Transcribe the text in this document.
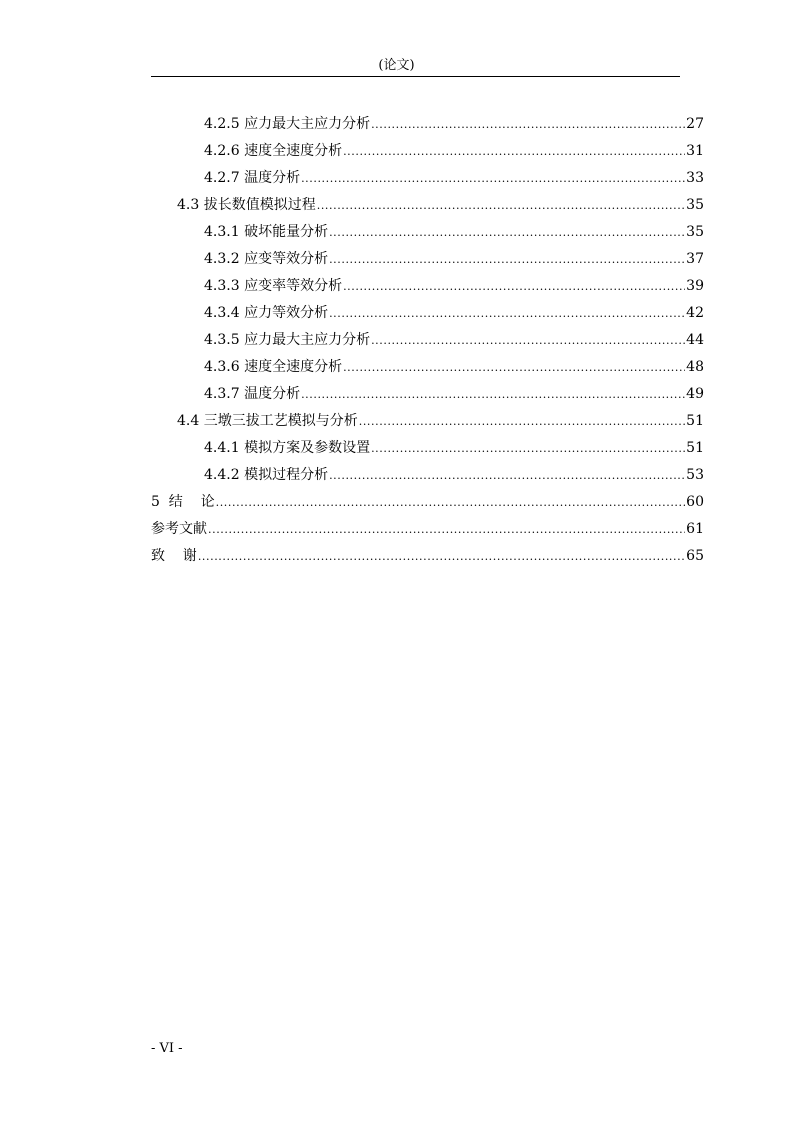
(论文)
4.2.5 应力最大主应力分析 .....	27
4.2.6 速度全速度分析 .....	31
4.2.7 温度分析 .....	33
4.3 拔长数值模拟过程 .....	35
4.3.1 破坏能量分析 .....	35
4.3.2 应变等效分析 .....	37
4.3.3 应变率等效分析 .....	39
4.3.4 应力等效分析 .....	42
4.3.5 应力最大主应力分析 .....	44
4.3.6 速度全速度分析 .....	48
4.3.7 温度分析 .....	49
4.4 三墩三拔工艺模拟与分析 .....	51
4.4.1 模拟方案及参数设置 .....	51
4.4.2 模拟过程分析 .....	53
5  结    论 .....	60
参考文献 .....	61
致    谢 .....	65
- VI -
